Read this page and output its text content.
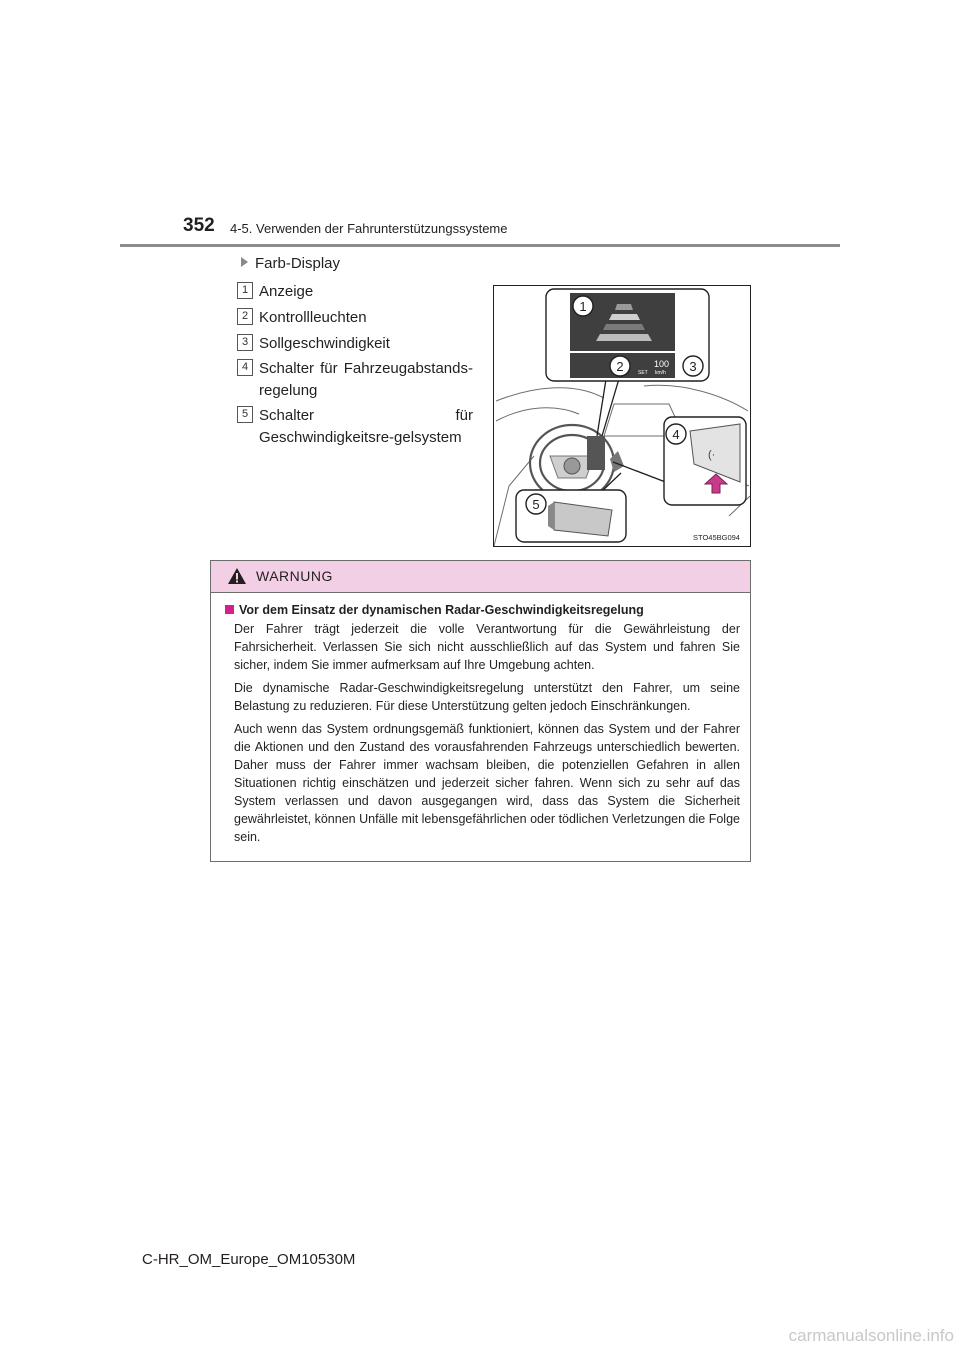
352 4-5. Verwenden der Fahrunterstützungssysteme
Farb-Display
1 Anzeige
2 Kontrollleuchten
3 Sollgeschwindigkeit
4 Schalter für Fahrzeugabstands-regelung
5 Schalter für Geschwindigkeitsre-gelsystem
100
SET km/h
1
2	3
(·
4
5
STO45BG094
WARNUNG
Vor dem Einsatz der dynamischen Radar-Geschwindigkeitsregelung

Der Fahrer trägt jederzeit die volle Verantwortung für die Gewährleistung der Fahrsicherheit. Verlassen Sie sich nicht ausschließlich auf das System und fahren Sie sicher, indem Sie immer aufmerksam auf Ihre Umgebung achten.

Die dynamische Radar-Geschwindigkeitsregelung unterstützt den Fahrer, um seine Belastung zu reduzieren. Für diese Unterstützung gelten jedoch Einschränkungen.

Auch wenn das System ordnungsgemäß funktioniert, können das System und der Fahrer die Aktionen und den Zustand des vorausfahrenden Fahrzeugs unterschiedlich bewerten. Daher muss der Fahrer immer wachsam bleiben, die potenziellen Gefahren in allen Situationen richtig einschätzen und jederzeit sicher fahren. Wenn sich zu sehr auf das System verlassen und davon ausgegangen wird, dass das System die Sicherheit gewährleistet, können Unfälle mit lebensgefährlichen oder tödlichen Verletzungen die Folge sein.

C-HR_OM_Europe_OM10530M
carmanualsonline.info
